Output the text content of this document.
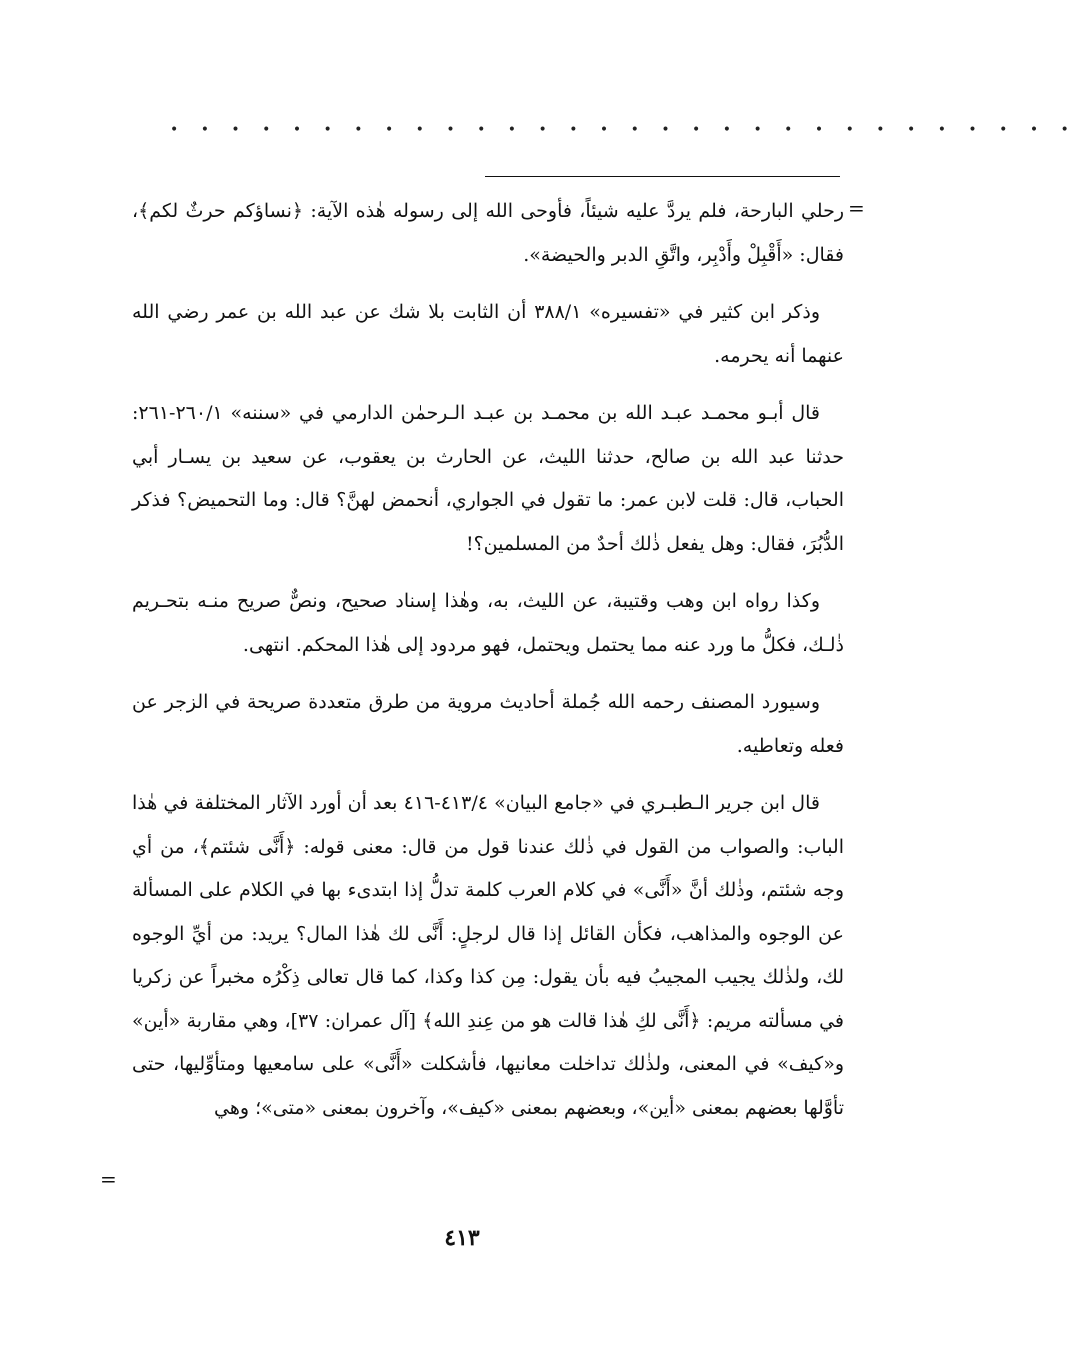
• • • • • • • • • • • • • • • • • • • • • • • • • • • • • •
=

رحلي البارحة، فلم يردَّ عليه شيئاً، فأوحى الله إلى رسوله هٰذه الآية: ﴿نساؤكم حرثٌ لكم﴾، فقال: «أَقْبِلْ وأَدْبِر، واتَّقِ الدبر والحيضة».

وذكر ابن كثير في «تفسيره» ٣٨٨/١ أن الثابت بلا شك عن عبد الله بن عمر رضي الله عنهما أنه يحرمه.

قال أبـو محمـد عبـد الله بن محمـد بن عبـد الـرحمٰن الدارمي في «سننه» ٢٦٠/١-٢٦١: حدثنا عبد الله بن صالح، حدثنا الليث، عن الحارث بن يعقوب، عن سعيد بن يسـار أبي الحباب، قال: قلت لابن عمر: ما تقول في الجواري، أنحمض لهنَّ؟ قال: وما التحميض؟ فذكر الدُّبُرَ، فقال: وهل يفعل ذٰلك أحدٌ من المسلمين؟!

وكذا رواه ابن وهب وقتيبة، عن الليث، به، وهٰذا إسناد صحيح، ونصٌّ صريح منـه بتحـريم ذٰلـك، فكلُّ ما ورد عنه مما يحتمل ويحتمل، فهو مردود إلى هٰذا المحكم. انتهى.

وسيورد المصنف رحمه الله جُملة أحاديث مروية من طرق متعددة صريحة في الزجر عن فعله وتعاطيه.

قال ابن جرير الـطبـري في «جامع البيان» ٤١٣/٤-٤١٦ بعد أن أورد الآثار المختلفة في هٰذا الباب: والصواب من القول في ذٰلك عندنا قول من قال: معنى قوله: ﴿أَنَّى شئتم﴾، من أي وجه شئتم، وذٰلك أنَّ «أَنَّى» في كلام العرب كلمة تدلُّ إذا ابتدىء بها في الكلام على المسألة عن الوجوه والمذاهب، فكأن القائل إذا قال لرجلٍ: أَنَّى لك هٰذا المال؟ يريد: من أيِّ الوجوه لك، ولذٰلك يجيب المجيبُ فيه بأن يقول: مِن كذا وكذا، كما قال تعالى ذِكْرُه مخبراً عن زكريا في مسألته مريم: ﴿أَنَّى لكِ هٰذا قالت هو من عِندِ الله﴾ [آل عمران: ٣٧]، وهي مقاربة «أين» و«كيف» في المعنى، ولذٰلك تداخلت معانيها، فأشكلت «أَنَّى» على سامعيها ومتأوِّليها، حتى تأوَّلها بعضهم بمعنى «أين»، وبعضهم بمعنى «كيف»، وآخرون بمعنى «متى»؛ وهي

=
٤١٣
